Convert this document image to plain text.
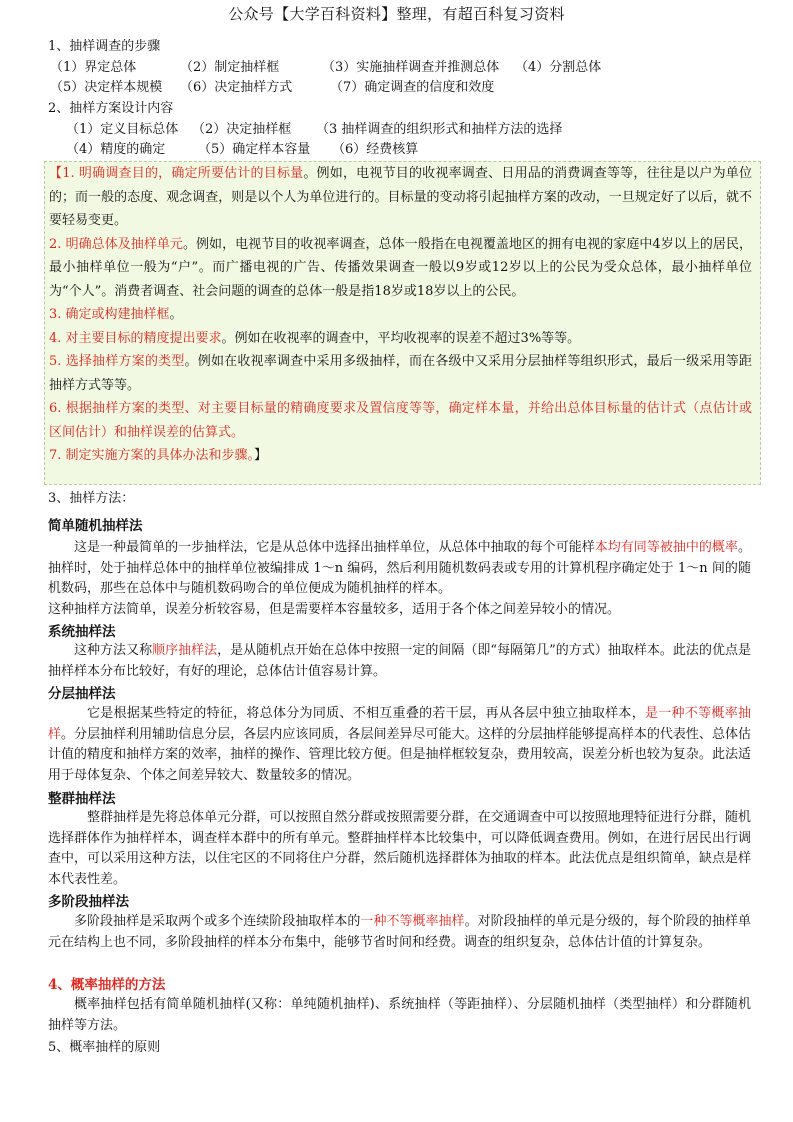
公众号【大学百科资料】整理，有超百科复习资料
1、抽样调查的步骤
（1）界定总体	（2）制定抽样框	（3）实施抽样调查并推测总体 （4）分割总体
（5）决定样本规模 （6）决定抽样方式	（7）确定调查的信度和效度
2、抽样方案设计内容
（1）定义目标总体 （2）决定抽样框 （3 抽样调查的组织形式和抽样方法的选择
（4）精度的确定	（5）确定样本容量 （6）经费核算

【1. 明确调查目的，确定所要估计的目标量。例如，电视节目的收视率调查、日用品的消费调查等等，往往是以户为单位的；而一般的态度、观念调查，则是以个人为单位进行的。目标量的变动将引起抽样方案的改动，一旦规定好了以后，就不要轻易变更。

2. 明确总体及抽样单元。例如，电视节目的收视率调查，总体一般指在电视覆盖地区的拥有电视的家庭中4岁以上的居民，最小抽样单位一般为“户”。而广播电视的广告、传播效果调查一般以9岁或12岁以上的公民为受众总体，最小抽样单位为“个人”。消费者调查、社会问题的调查的总体一般是指18岁或18岁以上的公民。

3. 确定或构建抽样框。

4. 对主要目标的精度提出要求。例如在收视率的调查中，平均收视率的误差不超过3%等等。

5. 选择抽样方案的类型。例如在收视率调查中采用多级抽样，而在各级中又采用分层抽样等组织形式，最后一级采用等距抽样方式等等。

6. 根据抽样方案的类型、对主要目标量的精确度要求及置信度等等，确定样本量，并给出总体目标量的估计式（点估计或区间估计）和抽样误差的估算式。

7. 制定实施方案的具体办法和步骤。】

3、抽样方法：
简单随机抽样法
这是一种最简单的一步抽样法，它是从总体中选择出抽样单位，从总体中抽取的每个可能样本均有同等被抽中的概率。抽样时，处于抽样总体中的抽样单位被编排成 1～n 编码，然后利用随机数码表或专用的计算机程序确定处于 1～n 间的随机数码，那些在总体中与随机数码吻合的单位便成为随机抽样的样本。
这种抽样方法简单，误差分析较容易，但是需要样本容量较多，适用于各个体之间差异较小的情况。
系统抽样法
这种方法又称顺序抽样法，是从随机点开始在总体中按照一定的间隔（即“每隔第几”的方式）抽取样本。此法的优点是抽样样本分布比较好，有好的理论，总体估计值容易计算。
分层抽样法
它是根据某些特定的特征，将总体分为同质、不相互重叠的若干层，再从各层中独立抽取样本，是一种不等概率抽样。分层抽样利用辅助信息分层，各层内应该同质，各层间差异尽可能大。这样的分层抽样能够提高样本的代表性、总体估计值的精度和抽样方案的效率，抽样的操作、管理比较方便。但是抽样框较复杂，费用较高，误差分析也较为复杂。此法适用于母体复杂、个体之间差异较大、数量较多的情况。
整群抽样法
整群抽样是先将总体单元分群，可以按照自然分群或按照需要分群，在交通调查中可以按照地理特征进行分群，随机选择群体作为抽样样本，调查样本群中的所有单元。整群抽样样本比较集中，可以降低调查费用。例如，在进行居民出行调查中，可以采用这种方法，以住宅区的不同将住户分群，然后随机选择群体为抽取的样本。此法优点是组织简单，缺点是样本代表性差。
多阶段抽样法
多阶段抽样是采取两个或多个连续阶段抽取样本的一种不等概率抽样。对阶段抽样的单元是分级的，每个阶段的抽样单元在结构上也不同，多阶段抽样的样本分布集中，能够节省时间和经费。调查的组织复杂，总体估计值的计算复杂。
4、概率抽样的方法
概率抽样包括有简单随机抽样(又称：单纯随机抽样)、系统抽样（等距抽样）、分层随机抽样（类型抽样）和分群随机抽样等方法。
5、概率抽样的原则
